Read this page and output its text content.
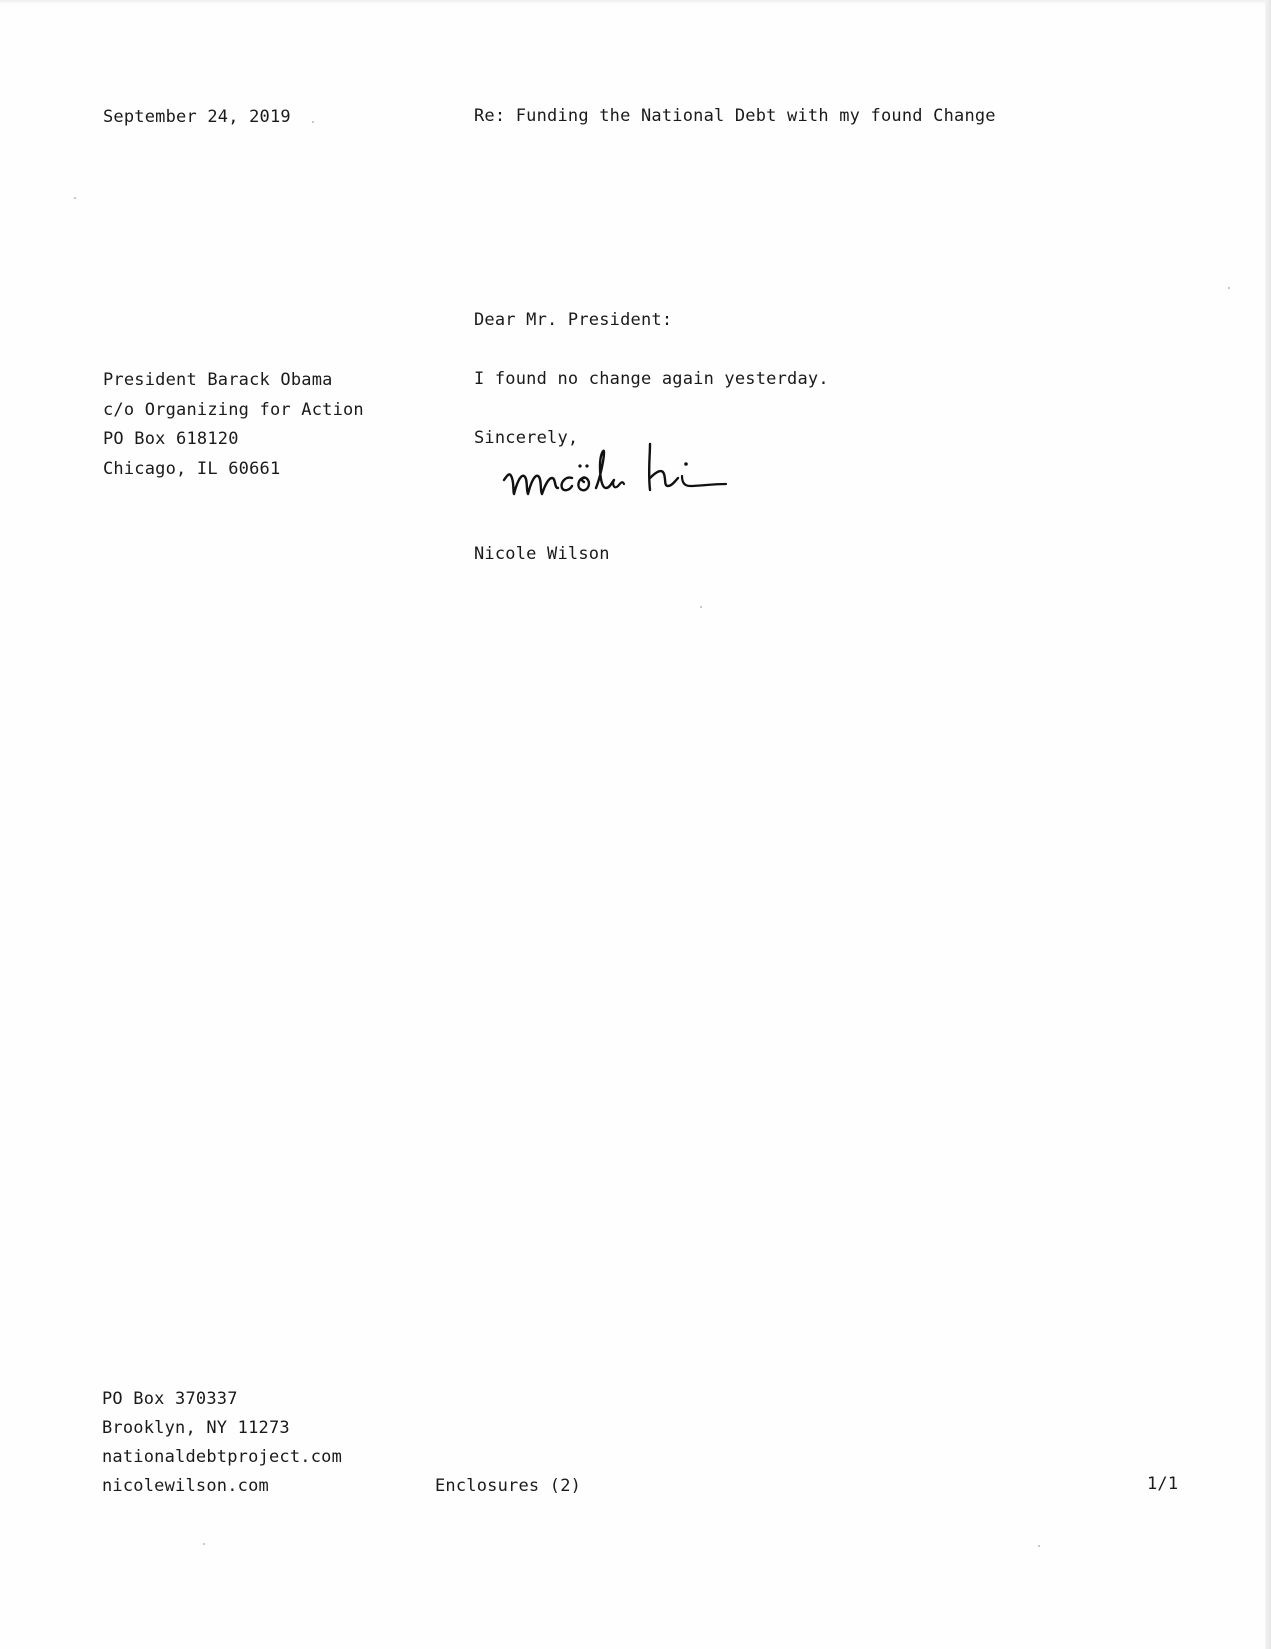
September 24, 2019	Re: Funding the National Debt with my found Change
Dear Mr. President:
President Barack Obama
c/o Organizing for Action
PO Box 618120
Chicago, IL 60661
I found no change again yesterday.
Sincerely,
Nicole Wilson
PO Box 370337
Brooklyn, NY 11273
nationaldebtproject.com
nicolewilson.com	Enclosures (2)	1/1
